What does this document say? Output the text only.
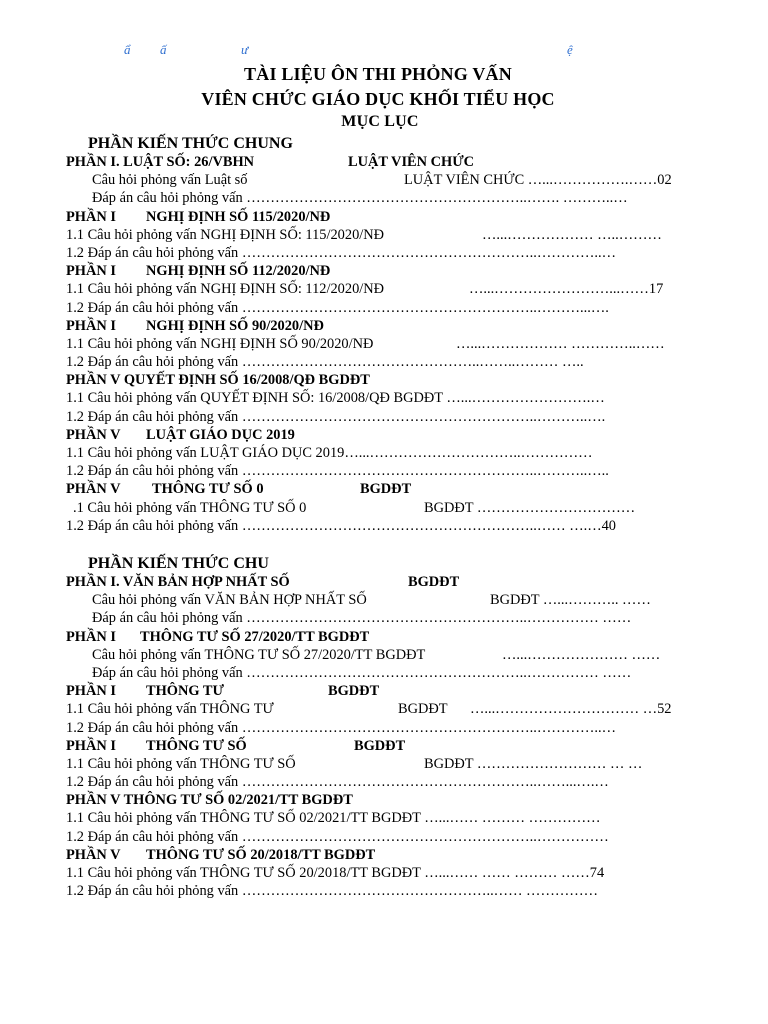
ẩ ấ	ư	ệ
TÀI LIỆU ÔN THI PHỎNG VẤN
VIÊN CHỨC GIÁO DỤC KHỐI TIỂU HỌC
MỤC LỤC
PHẦN KIẾN THỨC CHUNG
PHẦN I. LUẬT SỐ: 26/VBHN	LUẬT VIÊN CHỨC
Câu hỏi phỏng vấn Luật số	LUẬT VIÊN CHỨC …...…………….……02
Đáp án câu hỏi phỏng vấn …………………………………………………..……. ………..…
PHẦN I NGHỊ ĐỊNH SỐ 115/2020/NĐ
1.1 Câu hỏi phỏng vấn NGHỊ ĐỊNH SỐ: 115/2020/NĐ	…...……………… …..………
1.2 Đáp án câu hỏi phỏng vấn ……………………………………………………..…………..…
PHẦN I NGHỊ ĐỊNH SỐ 112/2020/NĐ
1.1 Câu hỏi phỏng vấn NGHỊ ĐỊNH SỐ: 112/2020/NĐ	…...……………………...……17
1.2 Đáp án câu hỏi phỏng vấn ……………………………………………………..………...….
PHẦN I NGHỊ ĐỊNH SỐ 90/2020/NĐ
1.1 Câu hỏi phỏng vấn NGHỊ ĐỊNH SỐ 90/2020/NĐ	…...……………… …………..……
1.2 Đáp án câu hỏi phỏng vấn …………………………………………..……..……… …..
PHẦN V QUYẾT ĐỊNH SỐ 16/2008/QĐ BGDĐT
1.1 Câu hỏi phỏng vấn QUYẾT ĐỊNH SỐ: 16/2008/QĐ BGDĐT …...…………………….…
1.2 Đáp án câu hỏi phỏng vấn ……………………………………………………..………..….
PHẦN V LUẬT GIÁO DỤC 2019
1.1 Câu hỏi phỏng vấn LUẬT GIÁO DỤC 2019…...…………………………..……………
1.2 Đáp án câu hỏi phỏng vấn ……………………………………………………..………..…..
PHẦN V THÔNG TƯ SỐ 0	BGDĐT
.1 Câu hỏi phỏng vấn THÔNG TƯ SỐ 0	BGDĐT ……………………………
1.2 Đáp án câu hỏi phỏng vấn ……………………………………………………..…… ….…40
PHẦN KIẾN THỨC CHU
PHẦN I. VĂN BẢN HỢP NHẤT SỐ	BGDĐT
Câu hỏi phỏng vấn VĂN BẢN HỢP NHẤT SỐ	BGDĐT …...……….. ……
Đáp án câu hỏi phỏng vấn …………………………………………………..…………… ……
PHẦN I THÔNG TƯ SỐ 27/2020/TT BGDĐT
Câu hỏi phỏng vấn THÔNG TƯ SỐ 27/2020/TT BGDĐT	…...………………… ……
Đáp án câu hỏi phỏng vấn …………………………………………………..…………… ……
PHẦN I THÔNG TƯ	BGDĐT
1.1 Câu hỏi phỏng vấn THÔNG TƯ	BGDĐT …...………………………… …52
1.2 Đáp án câu hỏi phỏng vấn ……………………………………………………..…………..…
PHẦN I THÔNG TƯ SỐ	BGDĐT
1.1 Câu hỏi phỏng vấn THÔNG TƯ SỐ	BGDĐT ……………………… … …
1.2 Đáp án câu hỏi phỏng vấn ……………………………………………………..……...….…
PHẦN V THÔNG TƯ SỐ 02/2021/TT BGDĐT
1.1 Câu hỏi phỏng vấn THÔNG TƯ SỐ 02/2021/TT BGDĐT …...…… ……… ……………
1.2 Đáp án câu hỏi phỏng vấn ……………………………………………………..……………
PHẦN V THÔNG TƯ SỐ 20/2018/TT BGDĐT
1.1 Câu hỏi phỏng vấn THÔNG TƯ SỐ 20/2018/TT BGDĐT …...…… …… ……… ……74
1.2 Đáp án câu hỏi phỏng vấn ……………………………………………..…… ……………
